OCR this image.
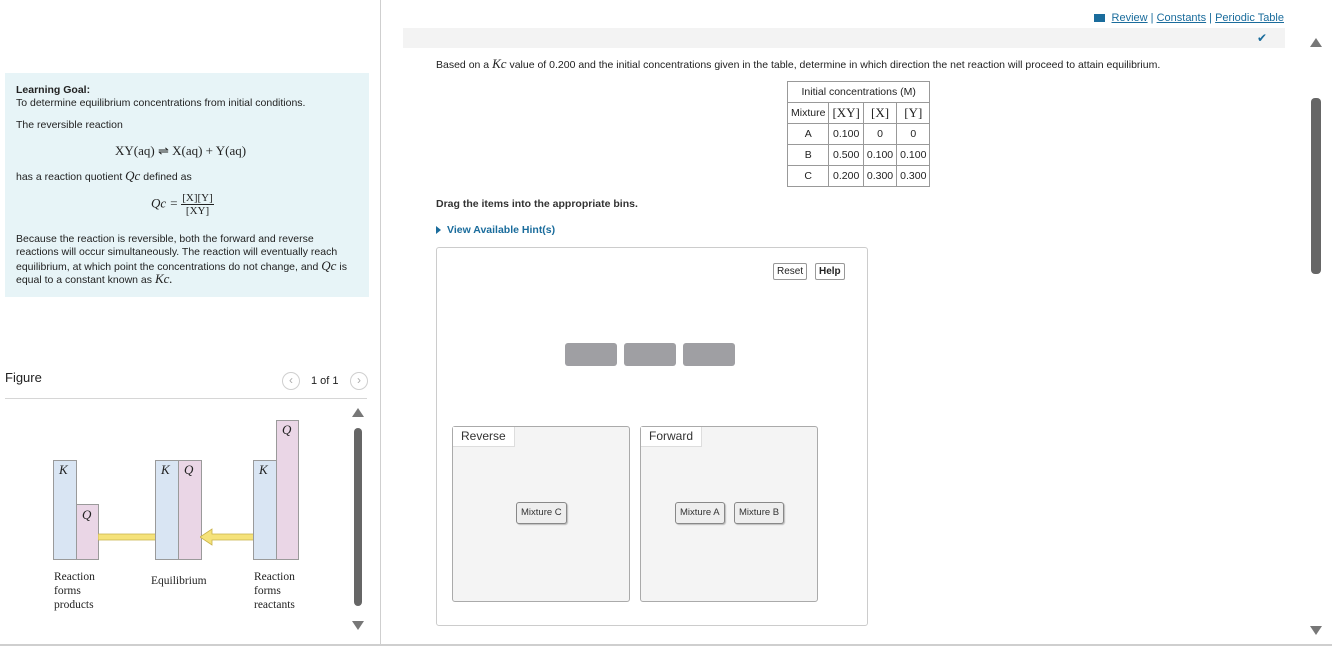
Learning Goal:
To determine equilibrium concentrations from initial conditions.
The reversible reaction
XY(aq) ⇌ X(aq) + Y(aq)
has a reaction quotient Qc defined as
$Qc = \frac{[X][Y]}{[XY]}$
Because the reaction is reversible, both the forward and reverse
reactions will occur simultaneously. The reaction will eventually reach
equilibrium, at which point the concentrations do not change, and Qc is
equal to a constant known as Kc.
Figure	‹	1 of 1	›
K
Q
K Q	K
Q
Reaction
forms
products
Equilibrium	Reaction
forms
reactants
Review | Constants | Periodic Table
✔
Based on a Kc value of 0.200 and the initial concentrations given in the table, determine in which direction the net reaction will proceed to attain equilibrium.
Initial concentrations (M)			
Mixture	[XY]	[X]	[Y]
A	0.100	0	0
B	0.500	0.100	0.100
C	0.200	0.300	0.300
Drag the items into the appropriate bins.
View Available Hint(s)
Reset	Help
Reverse
Mixture C
Forward
Mixture A	Mixture B
